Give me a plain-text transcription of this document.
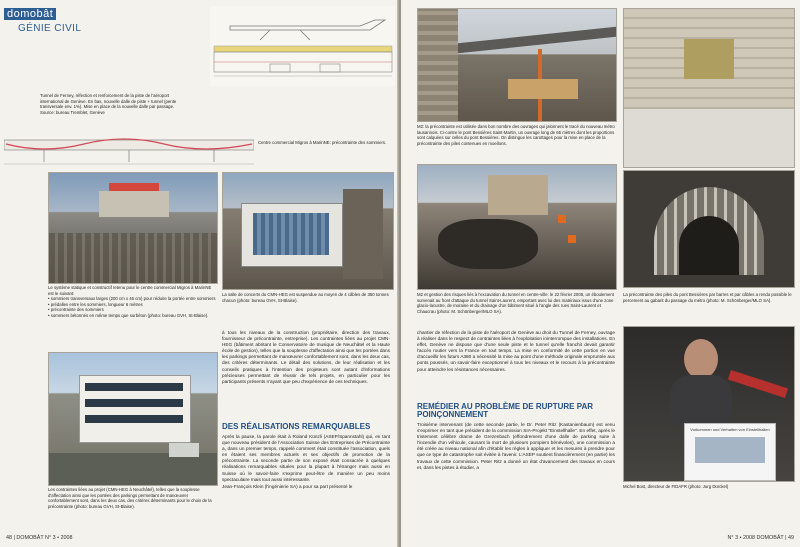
domobât
GÉNIE CIVIL
Tunnel de Ferney, réfection et renforcement de la piste de l'aéroport international de Genève. En bas, nouvelle dalle de piste + tunnel (pente transversale env. 1%). Mise en place de la nouvelle dalle par passage. Source: bureau Tremblet, Genève
Centre commercial Migros à MarinNE: précontrainte des sommiers.
Le système statique et constructif retenu pour le centre commercial Migros à MarinNE est le suivant:
• sommiers transversaux larges (200 cm x 46 cm) pour réduire la portée entre sommiers
• prédalles entre les sommiers, longueur 6 mètres
• précontrainte des sommiers
• sommiers bétonnés en même temps que surbéton (photo: bureau GVH, St-Blaise).
La salle de concerts du CMN-HEG est suspendue au moyen de 4 câbles de 350 tonnes chacun (photo: bureau GVH, St-Blaise).
Les contraintes liées au projet (CMN-HEG à Neuchâtel), telles que la souplesse d'affectation ainsi que les portées des parkings permettant de manœuvrer confortablement sont, dans les deux cas, des critères déterminants pour le choix de la précontrainte (photo: bureau GVH, St-Blaise).

à tous les niveaux de la construction (propriétaire, direction des travaux, fournisseur de précontrainte, entreprise). Les contraintes liées au projet CMN-HEG (bâtiment abritant le Conservatoire de musique de Neuchâtel et la Haute école de gestion), telles que la souplesse d'affectation ainsi que les portées dans les parkings permettant de manœuvrer confortablement sont, dans les deux cas, des critères déterminants. Le détail des solutions, de leur réalisation et les conseils pratiques à l'intention des projeteurs sont autant d'informations précieuses permettant de réussir de tels projets, en particulier pour les participants présents n'ayant que peu d'expérience de ces techniques.

DES RÉALISATIONS REMARQUABLES

Après la pause, la parole était à Roland Künzli (ASEP/Spannstahl) qui, en tant que nouveau président de l'Association Suisse des Entreprises de Précontrainte a, dans un premier temps, rappelé comment était constituée l'association, quels en étaient ses membres actuels et ses objectifs de promotion de la précontrainte. La seconde partie de son exposé était consacrée à quelques réalisations remarquables situées pour la plupart à l'étranger mais aussi en Suisse où le savoir-faire s'exprime peut-être de manière un peu moins spectaculaire mais tout aussi intéressante.

Jean-François Klein (l'ingénierie SA) a pour sa part présenté le

48 | DOMOBÂT N° 3 • 2008
M2: la précontrainte est utilisée dans bon nombre des ouvrages qui jalonnent le tracé du nouveau métro lausannois. Ci-contre le pont Bessières Saint-Martin, un ouvrage long de 66 mètres dont les proportions sont calquées sur celles du pont Bessières. On distingue les carottages pour la mise en place de la précontrainte des piles contenues en moellons.
M2 et gestion des risques liés à l'excavation du tunnel en centre-ville: le 22 février 2005, un éboulement survenait au front d'attaque du tunnel Saint-Laurent, emportant avec lui des matériaux issus d'une zone glacio-lacustre, de moraine et du drainage d'un bâtiment situé à l'angle des rues Saint-Laurent et Chaucrau (photo: M. Schönberger/MLO SA).
La précontrainte des piles du pont Bessières par barres et par câbles a rendu possible le percement au gabarit du passage du métro (photo: M. Schönberger/MLO SA).

chantier de réfection de la piste de l'aéroport de Genève au droit du Tunnel de Ferney, ouvrage à réaliser dans le respect de contraintes liées à l'exploitation ininterrompue des installations. En effet, Genève ne dispose que d'une seule piste et le tunnel qu'elle franchit devait garantir l'accès routier vers la France en tout temps. La mise en conformité de cette portion en vue d'accueillir les futurs A380 a nécessité la mise au point d'une méthode originale empruntée aux ponts poussés, un savoir-faire exceptionnel à tous les niveaux et le recours à la précontrainte pour atteindre les résistances nécessaires.

REMÉDIER AU PROBLÈME DE RUPTURE PAR POINÇONNEMENT

Troisième intervenant (de cette seconde partie, le Dr. Peter Ritz (Kastanienbaum) est venu s'exprimer en tant que président de la commission SIA-Projekt "Einstellhalle". En effet, après le tristement célèbre drame de Grezenbach (effondrement d'une dalle de parking suite à l'incendie d'un véhicule, causant la mort de plusieurs pompiers bénévoles), une commission a été créée au niveau national afin d'établir les règles à appliquer et les mesures à prendre pour que ce type de catastrophe soit évitée à l'avenir. L'ASEP soutient financièrement (en partie) les travaux de cette commission. Peter Ritz a donné un état d'avancement des travaux en cours et, dans les pistes à étudier, a

Vorkommen und Verhalten von Einstellhallen
Michel Bost, directeur de FIDAFR (photo: Jurg Dürckel)
N° 3 • 2008 DOMOBÂT | 49
